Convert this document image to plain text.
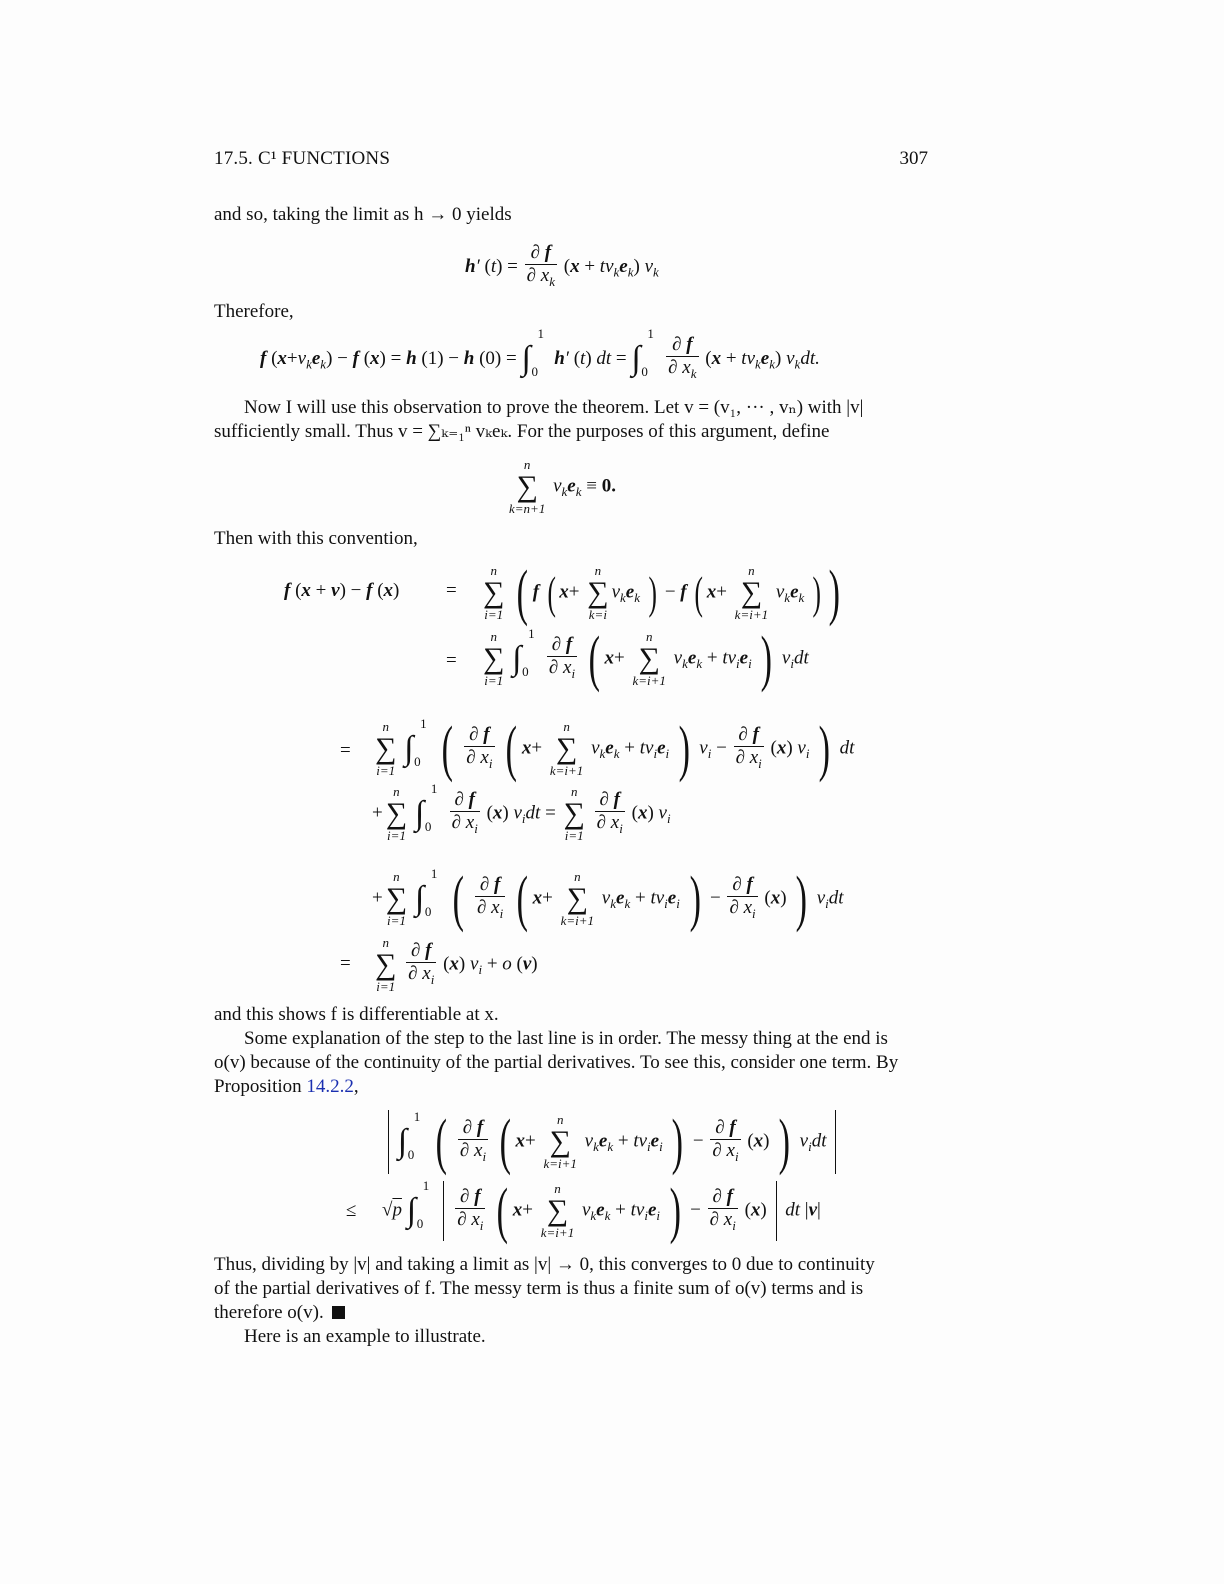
17.5. C¹ FUNCTIONS	307
and so, taking the limit as h → 0 yields
h′ $(t) = \frac{\partial f}{\partial x_k} (x + tv_ke_k)$ $v_k$
Therefore,
f $(x+v_ke_k) - f$ (x) = h (1) − h (0) = ∫
1
0
h′ (t) dt = ∫
1
0
$\frac{\partial f}{\partial x_k} (x + tv_ke_k)$ $v_kdt$.
Now I will use this observation to prove the theorem. Let v = (v₁, ··· , vₙ) with |v|
sufficiently small. Thus v = ∑ₖ₌₁ⁿ vₖeₖ. For the purposes of this argument, define
n
∑
k=n+1
$v_ke_k \equiv 0$.
Then with this convention,
f (x + v) − f (x) =
n
∑
i=1 ( f ( x+
n
∑
k=i
$v_ke_k$ ) − f ( x+
n
∑
k=i+1
$v_ke_k$ ) )
=
n
∑
i=1
∫
1
0
$\frac{\partial f}{\partial x_i}$ ( x+
n
∑
k=i+1
$v_ke_k + tv_ie_i$ ) $v_idt$
=
n
∑
i=1
∫
1
0 ( $\frac{\partial f}{\partial x_i}$ ( x+
n
∑
k=i+1
$v_ke_k + tv_ie_i$ ) $v_i - \frac{\partial f}{\partial x_i} (x)$ $v_i$ ) dt
+
n
∑
i=1
∫
1
0
$\frac{\partial f}{\partial x_i} (x) v_idt$ =
n
∑
i=1
$\frac{\partial f}{\partial x_i} (x)$ $v_i$
+
n
∑
i=1
∫
1
0 ( $\frac{\partial f}{\partial x_i}$ ( x+
n
∑
k=i+1
$v_ke_k + tv_ie_i$ ) − $\frac{\partial f}{\partial x_i} (x)$ ) $v_idt$
=
n
∑
i=1
$\frac{\partial f}{\partial x_i} (x) v_i + o$ (v)
and this shows f is differentiable at x.
Some explanation of the step to the last line is in order. The messy thing at the end is
o(v) because of the continuity of the partial derivatives. To see this, consider one term. By
Proposition 14.2.2,
∫
1
0 ( $\frac{\partial f}{\partial x_i}$ ( x+
n
∑
k=i+1
$v_ke_k + tv_ie_i$ ) − $\frac{\partial f}{\partial x_i} (x)$ ) $v_idt$
≤ √p ∫
1
0
$\frac{\partial f}{\partial x_i}$ ( x+
n
∑
k=i+1
$v_ke_k + tv_ie_i$ ) − $\frac{\partial f}{\partial x_i} (x)$  dt |v|
Thus, dividing by |v| and taking a limit as |v| → 0, this converges to 0 due to continuity
of the partial derivatives of f. The messy term is thus a finite sum of o(v) terms and is
therefore o(v).
Here is an example to illustrate.
